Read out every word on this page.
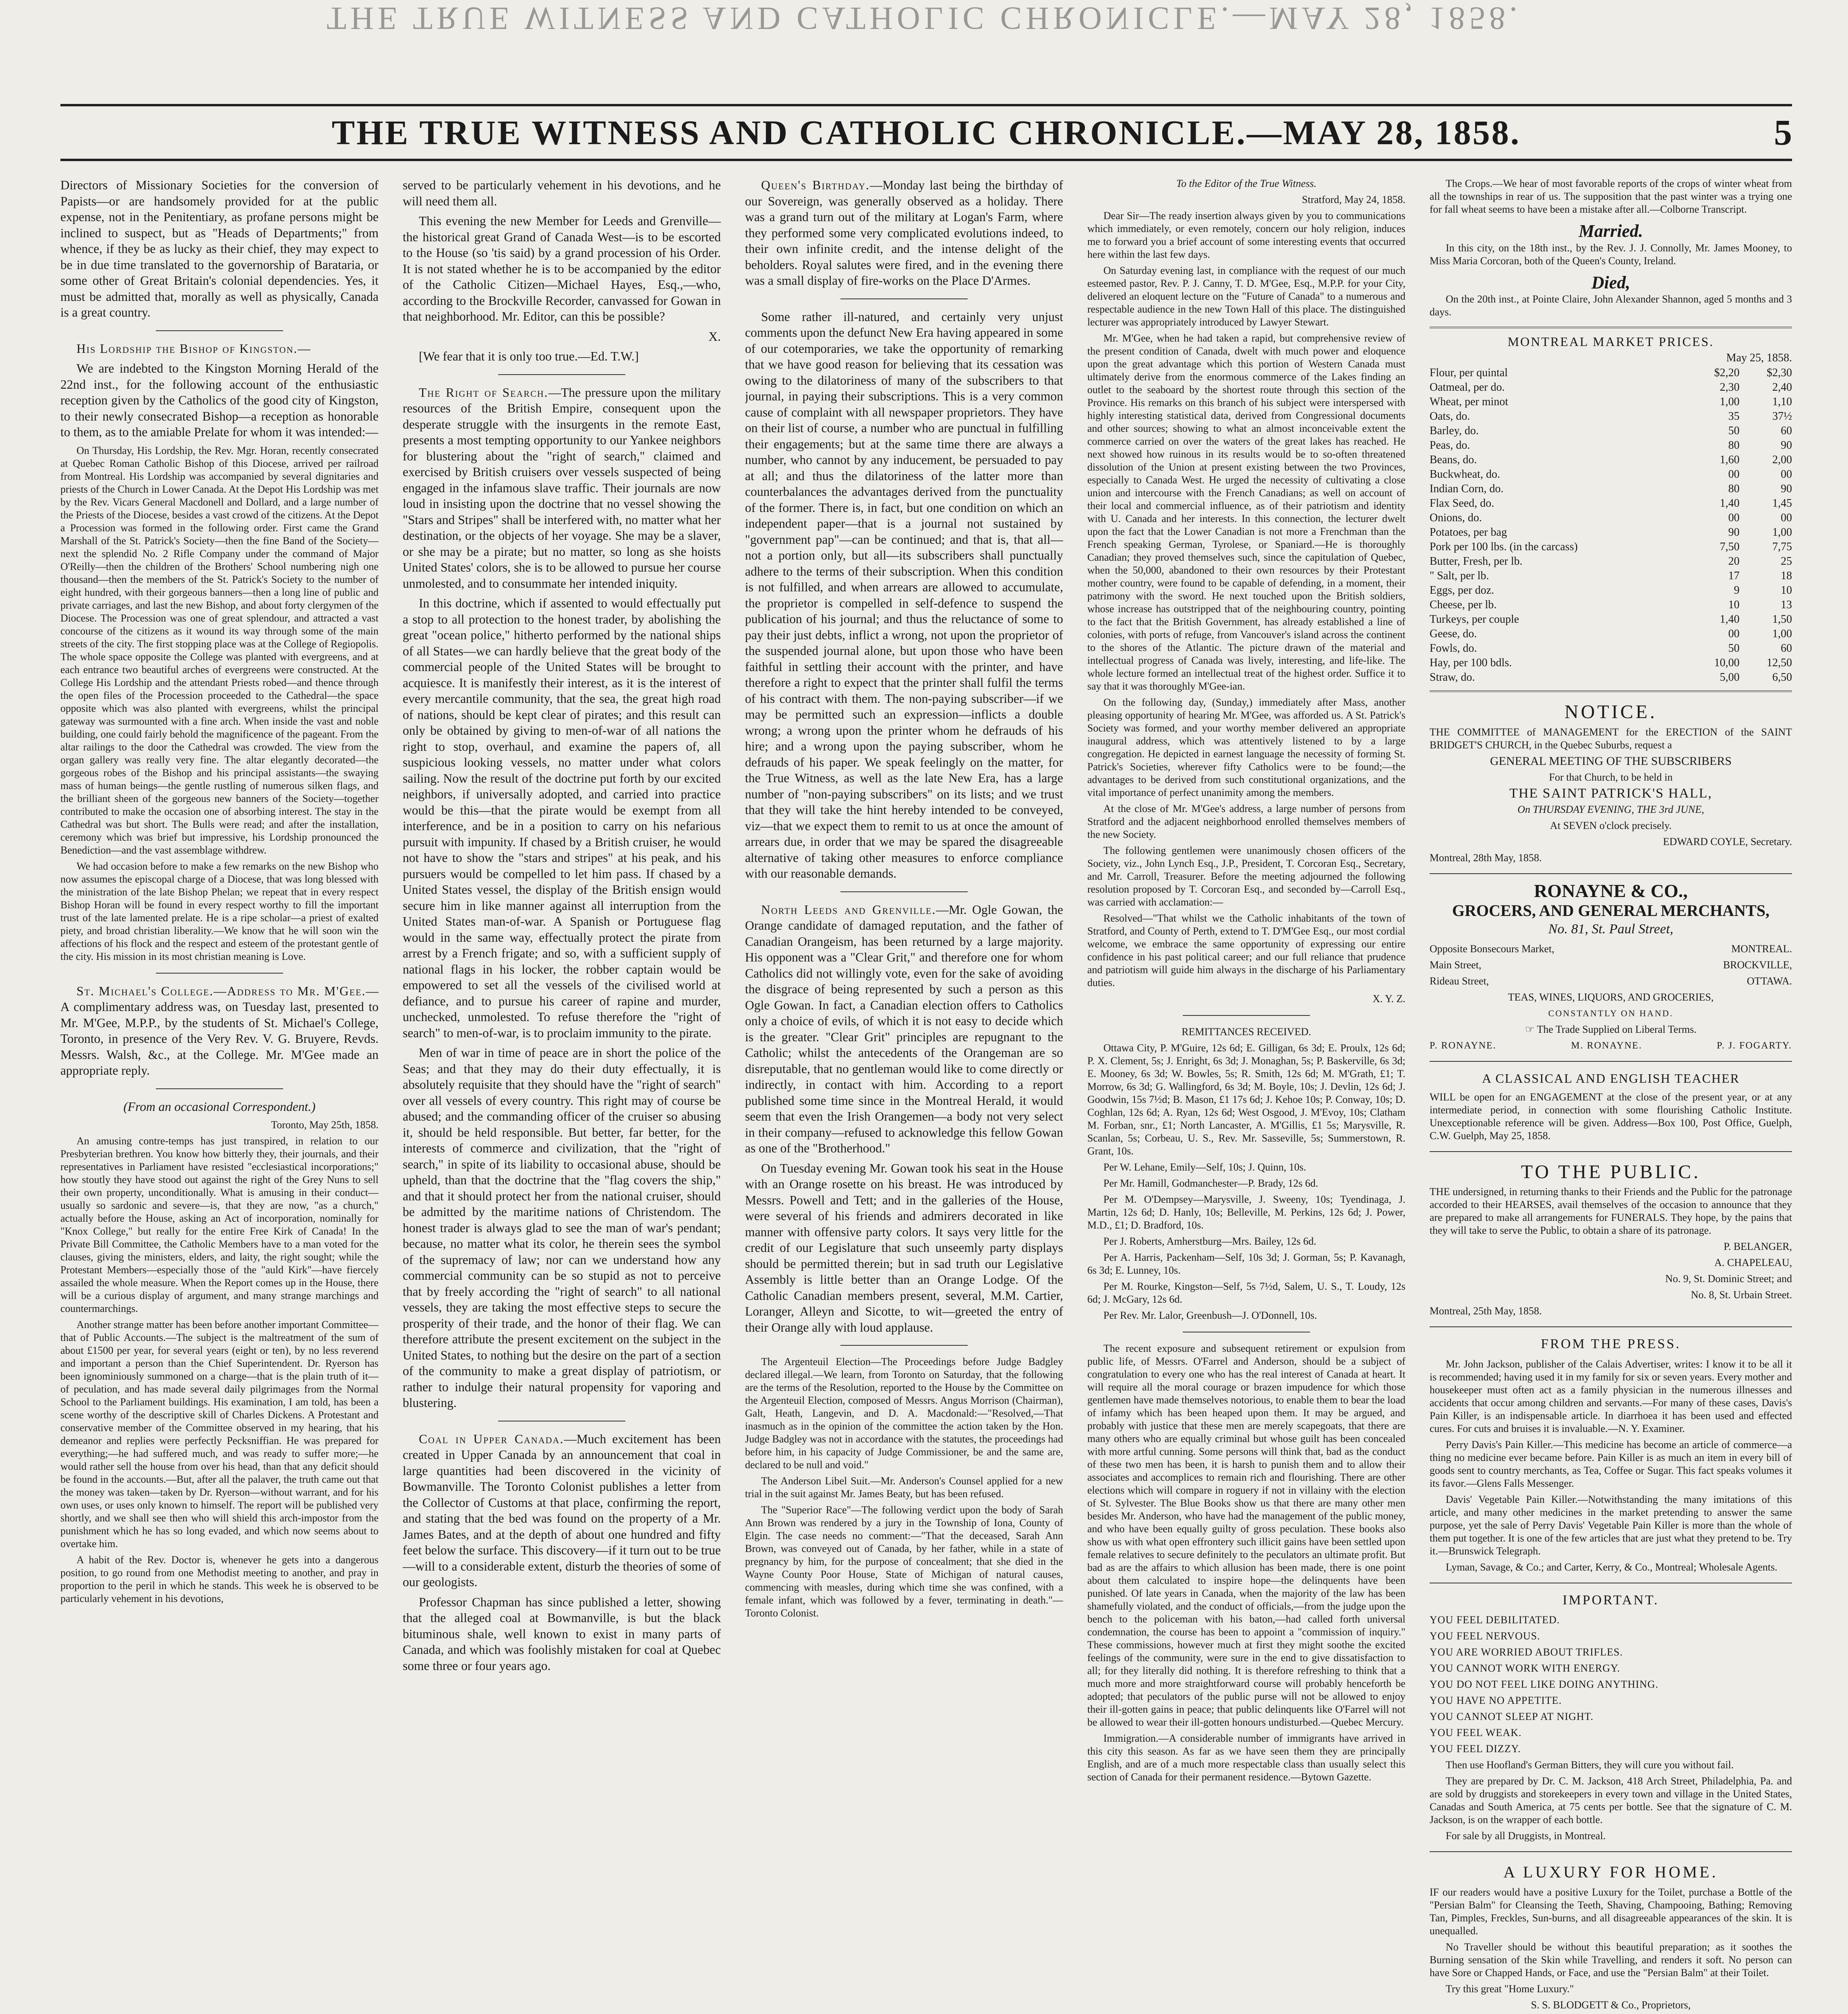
THE TRUE WITNESS AND CATHOLIC CHRONICLE.—MAY 28, 1858.
THE TRUE WITNESS AND CATHOLIC CHRONICLE.—MAY 28, 1858.	5

Directors of Missionary Societies for the conversion of Papists—or are handsomely provided for at the public expense, not in the Penitentiary, as profane persons might be inclined to suspect, but as "Heads of Departments;" from whence, if they be as lucky as their chief, they may expect to be in due time translated to the governorship of Barataria, or some other of Great Britain's colonial dependencies. Yes, it must be admitted that, morally as well as physically, Canada is a great country.

His Lordship the Bishop of Kingston.—

We are indebted to the Kingston Morning Herald of the 22nd inst., for the following account of the enthusiastic reception given by the Catholics of the good city of Kingston, to their newly consecrated Bishop—a reception as honorable to them, as to the amiable Prelate for whom it was intended:—

On Thursday, His Lordship, the Rev. Mgr. Horan, recently consecrated at Quebec Roman Catholic Bishop of this Diocese, arrived per railroad from Montreal. His Lordship was accompanied by several dignitaries and priests of the Church in Lower Canada. At the Depot His Lordship was met by the Rev. Vicars General Macdonell and Dollard, and a large number of the Priests of the Diocese, besides a vast crowd of the citizens. At the Depot a Procession was formed in the following order. First came the Grand Marshall of the St. Patrick's Society—then the fine Band of the Society—next the splendid No. 2 Rifle Company under the command of Major O'Reilly—then the children of the Brothers' School numbering nigh one thousand—then the members of the St. Patrick's Society to the number of eight hundred, with their gorgeous banners—then a long line of public and private carriages, and last the new Bishop, and about forty clergymen of the Diocese. The Procession was one of great splendour, and attracted a vast concourse of the citizens as it wound its way through some of the main streets of the city. The first stopping place was at the College of Regiopolis. The whole space opposite the College was planted with evergreens, and at each entrance two beautiful arches of evergreens were constructed. At the College His Lordship and the attendant Priests robed—and thence through the open files of the Procession proceeded to the Cathedral—the space opposite which was also planted with evergreens, whilst the principal gateway was surmounted with a fine arch. When inside the vast and noble building, one could fairly behold the magnificence of the pageant. From the altar railings to the door the Cathedral was crowded. The view from the organ gallery was really very fine. The altar elegantly decorated—the gorgeous robes of the Bishop and his principal assistants—the swaying mass of human beings—the gentle rustling of numerous silken flags, and the brilliant sheen of the gorgeous new banners of the Society—together contributed to make the occasion one of absorbing interest. The stay in the Cathedral was but short. The Bulls were read; and after the installation, ceremony which was brief but impressive, his Lordship pronounced the Benediction—and the vast assemblage withdrew.

We had occasion before to make a few remarks on the new Bishop who now assumes the episcopal charge of a Diocese, that was long blessed with the ministration of the late Bishop Phelan; we repeat that in every respect Bishop Horan will be found in every respect worthy to fill the important trust of the late lamented prelate. He is a ripe scholar—a priest of exalted piety, and broad christian liberality.—We know that he will soon win the affections of his flock and the respect and esteem of the protestant gentle of the city. His mission in its most christian meaning is Love.

St. Michael's College.—Address to Mr. M'Gee.—A complimentary address was, on Tuesday last, presented to Mr. M'Gee, M.P.P., by the students of St. Michael's College, Toronto, in presence of the Very Rev. V. G. Bruyere, Revds. Messrs. Walsh, &c., at the College. Mr. M'Gee made an appropriate reply.

(From an occasional Correspondent.)

Toronto, May 25th, 1858.

An amusing contre-temps has just transpired, in relation to our Presbyterian brethren. You know how bitterly they, their journals, and their representatives in Parliament have resisted "ecclesiastical incorporations;" how stoutly they have stood out against the right of the Grey Nuns to sell their own property, unconditionally. What is amusing in their conduct—usually so sardonic and severe—is, that they are now, "as a church," actually before the House, asking an Act of incorporation, nominally for "Knox College," but really for the entire Free Kirk of Canada! In the Private Bill Committee, the Catholic Members have to a man voted for the clauses, giving the ministers, elders, and laity, the right sought; while the Protestant Members—especially those of the "auld Kirk"—have fiercely assailed the whole measure. When the Report comes up in the House, there will be a curious display of argument, and many strange marchings and countermarchings.

Another strange matter has been before another important Committee—that of Public Accounts.—The subject is the maltreatment of the sum of about £1500 per year, for several years (eight or ten), by no less reverend and important a person than the Chief Superintendent. Dr. Ryerson has been ignominiously summoned on a charge—that is the plain truth of it—of peculation, and has made several daily pilgrimages from the Normal School to the Parliament buildings. His examination, I am told, has been a scene worthy of the descriptive skill of Charles Dickens. A Protestant and conservative member of the Committee observed in my hearing, that his demeanor and replies were perfectly Pecksniffian. He was prepared for everything;—he had suffered much, and was ready to suffer more;—he would rather sell the house from over his head, than that any deficit should be found in the accounts.—But, after all the palaver, the truth came out that the money was taken—taken by Dr. Ryerson—without warrant, and for his own uses, or uses only known to himself. The report will be published very shortly, and we shall see then who will shield this arch-impostor from the punishment which he has so long evaded, and which now seems about to overtake him.

A habit of the Rev. Doctor is, whenever he gets into a dangerous position, to go round from one Methodist meeting to another, and pray in proportion to the peril in which he stands. This week he is observed to be particularly vehement in his devotions,

served to be particularly vehement in his devotions, and he will need them all.

This evening the new Member for Leeds and Grenville—the historical great Grand of Canada West—is to be escorted to the House (so 'tis said) by a grand procession of his Order. It is not stated whether he is to be accompanied by the editor of the Catholic Citizen—Michael Hayes, Esq.,—who, according to the Brockville Recorder, canvassed for Gowan in that neighborhood. Mr. Editor, can this be possible?

X.

[We fear that it is only too true.—Ed. T.W.]

The Right of Search.—The pressure upon the military resources of the British Empire, consequent upon the desperate struggle with the insurgents in the remote East, presents a most tempting opportunity to our Yankee neighbors for blustering about the "right of search," claimed and exercised by British cruisers over vessels suspected of being engaged in the infamous slave traffic. Their journals are now loud in insisting upon the doctrine that no vessel showing the "Stars and Stripes" shall be interfered with, no matter what her destination, or the objects of her voyage. She may be a slaver, or she may be a pirate; but no matter, so long as she hoists United States' colors, she is to be allowed to pursue her course unmolested, and to consummate her intended iniquity.

In this doctrine, which if assented to would effectually put a stop to all protection to the honest trader, by abolishing the great "ocean police," hitherto performed by the national ships of all States—we can hardly believe that the great body of the commercial people of the United States will be brought to acquiesce. It is manifestly their interest, as it is the interest of every mercantile community, that the sea, the great high road of nations, should be kept clear of pirates; and this result can only be obtained by giving to men-of-war of all nations the right to stop, overhaul, and examine the papers of, all suspicious looking vessels, no matter under what colors sailing. Now the result of the doctrine put forth by our excited neighbors, if universally adopted, and carried into practice would be this—that the pirate would be exempt from all interference, and be in a position to carry on his nefarious pursuit with impunity. If chased by a British cruiser, he would not have to show the "stars and stripes" at his peak, and his pursuers would be compelled to let him pass. If chased by a United States vessel, the display of the British ensign would secure him in like manner against all interruption from the United States man-of-war. A Spanish or Portuguese flag would in the same way, effectually protect the pirate from arrest by a French frigate; and so, with a sufficient supply of national flags in his locker, the robber captain would be empowered to set all the vessels of the civilised world at defiance, and to pursue his career of rapine and murder, unchecked, unmolested. To refuse therefore the "right of search" to men-of-war, is to proclaim immunity to the pirate.

Men of war in time of peace are in short the police of the Seas; and that they may do their duty effectually, it is absolutely requisite that they should have the "right of search" over all vessels of every country. This right may of course be abused; and the commanding officer of the cruiser so abusing it, should be held responsible. But better, far better, for the interests of commerce and civilization, that the "right of search," in spite of its liability to occasional abuse, should be upheld, than that the doctrine that the "flag covers the ship," and that it should protect her from the national cruiser, should be admitted by the maritime nations of Christendom. The honest trader is always glad to see the man of war's pendant; because, no matter what its color, he therein sees the symbol of the supremacy of law; nor can we understand how any commercial community can be so stupid as not to perceive that by freely according the "right of search" to all national vessels, they are taking the most effective steps to secure the prosperity of their trade, and the honor of their flag. We can therefore attribute the present excitement on the subject in the United States, to nothing but the desire on the part of a section of the community to make a great display of patriotism, or rather to indulge their natural propensity for vaporing and blustering.

Coal in Upper Canada.—Much excitement has been created in Upper Canada by an announcement that coal in large quantities had been discovered in the vicinity of Bowmanville. The Toronto Colonist publishes a letter from the Collector of Customs at that place, confirming the report, and stating that the bed was found on the property of a Mr. James Bates, and at the depth of about one hundred and fifty feet below the surface. This discovery—if it turn out to be true—will to a considerable extent, disturb the theories of some of our geologists.

Professor Chapman has since published a letter, showing that the alleged coal at Bowmanville, is but the black bituminous shale, well known to exist in many parts of Canada, and which was foolishly mistaken for coal at Quebec some three or four years ago.

Queen's Birthday.—Monday last being the birthday of our Sovereign, was generally observed as a holiday. There was a grand turn out of the military at Logan's Farm, where they performed some very complicated evolutions indeed, to their own infinite credit, and the intense delight of the beholders. Royal salutes were fired, and in the evening there was a small display of fire-works on the Place D'Armes.

Some rather ill-natured, and certainly very unjust comments upon the defunct New Era having appeared in some of our cotemporaries, we take the opportunity of remarking that we have good reason for believing that its cessation was owing to the dilatoriness of many of the subscribers to that journal, in paying their subscriptions. This is a very common cause of complaint with all newspaper proprietors. They have on their list of course, a number who are punctual in fulfilling their engagements; but at the same time there are always a number, who cannot by any inducement, be persuaded to pay at all; and thus the dilatoriness of the latter more than counterbalances the advantages derived from the punctuality of the former. There is, in fact, but one condition on which an independent paper—that is a journal not sustained by "government pap"—can be continued; and that is, that all—not a portion only, but all—its subscribers shall punctually adhere to the terms of their subscription. When this condition is not fulfilled, and when arrears are allowed to accumulate, the proprietor is compelled in self-defence to suspend the publication of his journal; and thus the reluctance of some to pay their just debts, inflict a wrong, not upon the proprietor of the suspended journal alone, but upon those who have been faithful in settling their account with the printer, and have therefore a right to expect that the printer shall fulfil the terms of his contract with them. The non-paying subscriber—if we may be permitted such an expression—inflicts a double wrong; a wrong upon the printer whom he defrauds of his hire; and a wrong upon the paying subscriber, whom he defrauds of his paper. We speak feelingly on the matter, for the True Witness, as well as the late New Era, has a large number of "non-paying subscribers" on its lists; and we trust that they will take the hint hereby intended to be conveyed, viz—that we expect them to remit to us at once the amount of arrears due, in order that we may be spared the disagreeable alternative of taking other measures to enforce compliance with our reasonable demands.

North Leeds and Grenville.—Mr. Ogle Gowan, the Orange candidate of damaged reputation, and the father of Canadian Orangeism, has been returned by a large majority. His opponent was a "Clear Grit," and therefore one for whom Catholics did not willingly vote, even for the sake of avoiding the disgrace of being represented by such a person as this Ogle Gowan. In fact, a Canadian election offers to Catholics only a choice of evils, of which it is not easy to decide which is the greater. "Clear Grit" principles are repugnant to the Catholic; whilst the antecedents of the Orangeman are so disreputable, that no gentleman would like to come directly or indirectly, in contact with him. According to a report published some time since in the Montreal Herald, it would seem that even the Irish Orangemen—a body not very select in their company—refused to acknowledge this fellow Gowan as one of the "Brotherhood."

On Tuesday evening Mr. Gowan took his seat in the House with an Orange rosette on his breast. He was introduced by Messrs. Powell and Tett; and in the galleries of the House, were several of his friends and admirers decorated in like manner with offensive party colors. It says very little for the credit of our Legislature that such unseemly party displays should be permitted therein; but in sad truth our Legislative Assembly is little better than an Orange Lodge. Of the Catholic Canadian members present, several, M.M. Cartier, Loranger, Alleyn and Sicotte, to wit—greeted the entry of their Orange ally with loud applause.

The Argenteuil Election—The Proceedings before Judge Badgley declared illegal.—We learn, from Toronto on Saturday, that the following are the terms of the Resolution, reported to the House by the Committee on the Argenteuil Election, composed of Messrs. Angus Morrison (Chairman), Galt, Heath, Langevin, and D. A. Macdonald:—"Resolved,—That inasmuch as in the opinion of the committee the action taken by the Hon. Judge Badgley was not in accordance with the statutes, the proceedings had before him, in his capacity of Judge Commissioner, be and the same are, declared to be null and void."

The Anderson Libel Suit.—Mr. Anderson's Counsel applied for a new trial in the suit against Mr. James Beaty, but has been refused.

The "Superior Race"—The following verdict upon the body of Sarah Ann Brown was rendered by a jury in the Township of Iona, County of Elgin. The case needs no comment:—"That the deceased, Sarah Ann Brown, was conveyed out of Canada, by her father, while in a state of pregnancy by him, for the purpose of concealment; that she died in the Wayne County Poor House, State of Michigan of natural causes, commencing with measles, during which time she was confined, with a female infant, which was followed by a fever, terminating in death."—Toronto Colonist.

To the Editor of the True Witness.

Stratford, May 24, 1858.

Dear Sir—The ready insertion always given by you to communications which immediately, or even remotely, concern our holy religion, induces me to forward you a brief account of some interesting events that occurred here within the last few days.

On Saturday evening last, in compliance with the request of our much esteemed pastor, Rev. P. J. Canny, T. D. M'Gee, Esq., M.P.P. for your City, delivered an eloquent lecture on the "Future of Canada" to a numerous and respectable audience in the new Town Hall of this place. The distinguished lecturer was appropriately introduced by Lawyer Stewart.

Mr. M'Gee, when he had taken a rapid, but comprehensive review of the present condition of Canada, dwelt with much power and eloquence upon the great advantage which this portion of Western Canada must ultimately derive from the enormous commerce of the Lakes finding an outlet to the seaboard by the shortest route through this section of the Province. His remarks on this branch of his subject were interspersed with highly interesting statistical data, derived from Congressional documents and other sources; showing to what an almost inconceivable extent the commerce carried on over the waters of the great lakes has reached. He next showed how ruinous in its results would be to so-often threatened dissolution of the Union at present existing between the two Provinces, especially to Canada West. He urged the necessity of cultivating a close union and intercourse with the French Canadians; as well on account of their local and commercial influence, as of their patriotism and identity with U. Canada and her interests. In this connection, the lecturer dwelt upon the fact that the Lower Canadian is not more a Frenchman than the French speaking German, Tyrolese, or Spaniard.—He is thoroughly Canadian; they proved themselves such, since the capitulation of Quebec, when the 50,000, abandoned to their own resources by their Protestant mother country, were found to be capable of defending, in a moment, their patrimony with the sword. He next touched upon the British soldiers, whose increase has outstripped that of the neighbouring country, pointing to the fact that the British Government, has already established a line of colonies, with ports of refuge, from Vancouver's island across the continent to the shores of the Atlantic. The picture drawn of the material and intellectual progress of Canada was lively, interesting, and life-like. The whole lecture formed an intellectual treat of the highest order. Suffice it to say that it was thoroughly M'Gee-ian.

On the following day, (Sunday,) immediately after Mass, another pleasing opportunity of hearing Mr. M'Gee, was afforded us. A St. Patrick's Society was formed, and your worthy member delivered an appropriate inaugural address, which was attentively listened to by a large congregation. He depicted in earnest language the necessity of forming St. Patrick's Societies, wherever fifty Catholics were to be found;—the advantages to be derived from such constitutional organizations, and the vital importance of perfect unanimity among the members.

At the close of Mr. M'Gee's address, a large number of persons from Stratford and the adjacent neighborhood enrolled themselves members of the new Society.

The following gentlemen were unanimously chosen officers of the Society, viz., John Lynch Esq., J.P., President, T. Corcoran Esq., Secretary, and Mr. Carroll, Treasurer. Before the meeting adjourned the following resolution proposed by T. Corcoran Esq., and seconded by—Carroll Esq., was carried with acclamation:—

Resolved—"That whilst we the Catholic inhabitants of the town of Stratford, and County of Perth, extend to T. D'M'Gee Esq., our most cordial welcome, we embrace the same opportunity of expressing our entire confidence in his past political career; and our full reliance that prudence and patriotism will guide him always in the discharge of his Parliamentary duties.

X. Y. Z.

REMITTANCES RECEIVED.

Ottawa City, P. M'Guire, 12s 6d; E. Gilligan, 6s 3d; E. Proulx, 12s 6d; P. X. Clement, 5s; J. Enright, 6s 3d; J. Monaghan, 5s; P. Baskerville, 6s 3d; E. Mooney, 6s 3d; W. Bowles, 5s; R. Smith, 12s 6d; M. M'Grath, £1; T. Morrow, 6s 3d; G. Wallingford, 6s 3d; M. Boyle, 10s; J. Devlin, 12s 6d; J. Goodwin, 15s 7½d; B. Mason, £1 17s 6d; J. Kehoe 10s; P. Conway, 10s; D. Coghlan, 12s 6d; A. Ryan, 12s 6d; West Osgood, J. M'Evoy, 10s; Clatham M. Forban, snr., £1; North Lancaster, A. M'Gillis, £1 5s; Marysville, R. Scanlan, 5s; Corbeau, U. S., Rev. Mr. Sasseville, 5s; Summerstown, R. Grant, 10s.

Per W. Lehane, Emily—Self, 10s; J. Quinn, 10s.

Per Mr. Hamill, Godmanchester—P. Brady, 12s 6d.

Per M. O'Dempsey—Marysville, J. Sweeny, 10s; Tyendinaga, J. Martin, 12s 6d; D. Hanly, 10s; Belleville, M. Perkins, 12s 6d; J. Power, M.D., £1; D. Bradford, 10s.

Per J. Roberts, Amherstburg—Mrs. Bailey, 12s 6d.

Per A. Harris, Packenham—Self, 10s 3d; J. Gorman, 5s; P. Kavanagh, 6s 3d; E. Lunney, 10s.

Per M. Rourke, Kingston—Self, 5s 7½d, Salem, U. S., T. Loudy, 12s 6d; J. McGary, 12s 6d.

Per Rev. Mr. Lalor, Greenbush—J. O'Donnell, 10s.

The recent exposure and subsequent retirement or expulsion from public life, of Messrs. O'Farrel and Anderson, should be a subject of congratulation to every one who has the real interest of Canada at heart. It will require all the moral courage or brazen impudence for which those gentlemen have made themselves notorious, to enable them to bear the load of infamy which has been heaped upon them. It may be argued, and probably with justice that these men are merely scapegoats, that there are many others who are equally criminal but whose guilt has been concealed with more artful cunning. Some persons will think that, bad as the conduct of these two men has been, it is harsh to punish them and to allow their associates and accomplices to remain rich and flourishing. There are other elections which will compare in roguery if not in villainy with the election of St. Sylvester. The Blue Books show us that there are many other men besides Mr. Anderson, who have had the management of the public money, and who have been equally guilty of gross peculation. These books also show us with what open effrontery such illicit gains have been settled upon female relatives to secure definitely to the peculators an ultimate profit. But bad as are the affairs to which allusion has been made, there is one point about them calculated to inspire hope—the delinquents have been punished. Of late years in Canada, when the majority of the law has been shamefully violated, and the conduct of officials,—from the judge upon the bench to the policeman with his baton,—had called forth universal condemnation, the course has been to appoint a "commission of inquiry." These commissions, however much at first they might soothe the excited feelings of the community, were sure in the end to give dissatisfaction to all; for they literally did nothing. It is therefore refreshing to think that a much more and more straightforward course will probably henceforth be adopted; that peculators of the public purse will not be allowed to enjoy their ill-gotten gains in peace; that public delinquents like O'Farrel will not be allowed to wear their ill-gotten honours undisturbed.—Quebec Mercury.

Immigration.—A considerable number of immigrants have arrived in this city this season. As far as we have seen them they are principally English, and are of a much more respectable class than usually select this section of Canada for their permanent residence.—Bytown Gazette.

The Crops.—We hear of most favorable reports of the crops of winter wheat from all the townships in rear of us. The supposition that the past winter was a trying one for fall wheat seems to have been a mistake after all.—Colborne Transcript.

Married.

In this city, on the 18th inst., by the Rev. J. J. Connolly, Mr. James Mooney, to Miss Maria Corcoran, both of the Queen's County, Ireland.

Died,

On the 20th inst., at Pointe Claire, John Alexander Shannon, aged 5 months and 3 days.

MONTREAL MARKET PRICES.
May 25, 1858.
Flour, per quintal	$2,20	$2,30
Oatmeal, per do.	2,30	2,40
Wheat, per minot	1,00	1,10
Oats, do.	35	37½
Barley, do.	50	60
Peas, do.	80	90
Beans, do.	1,60	2,00
Buckwheat, do.	00	00
Indian Corn, do.	80	90
Flax Seed, do.	1,40	1,45
Onions, do.	00	00
Potatoes, per bag	90	1,00
Pork per 100 lbs. (in the carcass)	7,50	7,75
Butter, Fresh, per lb.	20	25
" Salt, per lb.	17	18
Eggs, per doz.	9	10
Cheese, per lb.	10	13
Turkeys, per couple	1,40	1,50
Geese, do.	00	1,00
Fowls, do.	50	60
Hay, per 100 bdls.	10,00	12,50
Straw, do.	5,00	6,50
NOTICE.

THE COMMITTEE of MANAGEMENT for the ERECTION of the SAINT BRIDGET'S CHURCH, in the Quebec Suburbs, request a

GENERAL MEETING OF THE SUBSCRIBERS

For that Church, to be held in

THE SAINT PATRICK'S HALL,

On THURSDAY EVENING, THE 3rd JUNE,

At SEVEN o'clock precisely.

EDWARD COYLE, Secretary.

Montreal, 28th May, 1858.

RONAYNE & CO.,
GROCERS, AND GENERAL MERCHANTS,
No. 81, St. Paul Street,

Opposite Bonsecours Market,	MONTREAL.

Main Street,	BROCKVILLE,

Rideau Street,	OTTAWA.

TEAS, WINES, LIQUORS, AND GROCERIES,

CONSTANTLY ON HAND.

☞ The Trade Supplied on Liberal Terms.

P. RONAYNE.	M. RONAYNE.	P. J. FOGARTY.
A CLASSICAL AND ENGLISH TEACHER

WILL be open for an ENGAGEMENT at the close of the present year, or at any intermediate period, in connection with some flourishing Catholic Institute. Unexceptionable reference will be given. Address—Box 100, Post Office, Guelph, C.W. Guelph, May 25, 1858.

TO THE PUBLIC.

THE undersigned, in returning thanks to their Friends and the Public for the patronage accorded to their HEARSES, avail themselves of the occasion to announce that they are prepared to make all arrangements for FUNERALS. They hope, by the pains that they will take to serve the Public, to obtain a share of its patronage.

P. BELANGER,

A. CHAPELEAU,

No. 9, St. Dominic Street; and

No. 8, St. Urbain Street.

Montreal, 25th May, 1858.

FROM THE PRESS.

Mr. John Jackson, publisher of the Calais Advertiser, writes: I know it to be all it is recommended; having used it in my family for six or seven years. Every mother and housekeeper must often act as a family physician in the numerous illnesses and accidents that occur among children and servants.—For many of these cases, Davis's Pain Killer, is an indispensable article. In diarrhoea it has been used and effected cures. For cuts and bruises it is invaluable.—N. Y. Examiner.

Perry Davis's Pain Killer.—This medicine has become an article of commerce—a thing no medicine ever became before. Pain Killer is as much an item in every bill of goods sent to country merchants, as Tea, Coffee or Sugar. This fact speaks volumes it its favor.—Glens Falls Messenger.

Davis' Vegetable Pain Killer.—Notwithstanding the many imitations of this article, and many other medicines in the market pretending to answer the same purpose, yet the sale of Perry Davis' Vegetable Pain Killer is more than the whole of them put together. It is one of the few articles that are just what they pretend to be. Try it.—Brunswick Telegraph.

Lyman, Savage, & Co.; and Carter, Kerry, & Co., Montreal; Wholesale Agents.

IMPORTANT.

YOU FEEL DEBILITATED.

YOU FEEL NERVOUS.

YOU ARE WORRIED ABOUT TRIFLES.

YOU CANNOT WORK WITH ENERGY.

YOU DO NOT FEEL LIKE DOING ANYTHING.

YOU HAVE NO APPETITE.

YOU CANNOT SLEEP AT NIGHT.

YOU FEEL WEAK.

YOU FEEL DIZZY.

Then use Hoofland's German Bitters, they will cure you without fail.

They are prepared by Dr. C. M. Jackson, 418 Arch Street, Philadelphia, Pa. and are sold by druggists and storekeepers in every town and village in the United States, Canadas and South America, at 75 cents per bottle. See that the signature of C. M. Jackson, is on the wrapper of each bottle.

For sale by all Druggists, in Montreal.

A LUXURY FOR HOME.

IF our readers would have a positive Luxury for the Toilet, purchase a Bottle of the "Persian Balm" for Cleansing the Teeth, Shaving, Champooing, Bathing; Removing Tan, Pimples, Freckles, Sun-burns, and all disagreeable appearances of the skin. It is unequalled.

No Traveller should be without this beautiful preparation; as it soothes the Burning sensation of the Skin while Travelling, and renders it soft. No person can have Sore or Chapped Hands, or Face, and use the "Persian Balm" at their Toilet.

Try this great "Home Luxury."

S. S. BLODGETT & Co., Proprietors,
